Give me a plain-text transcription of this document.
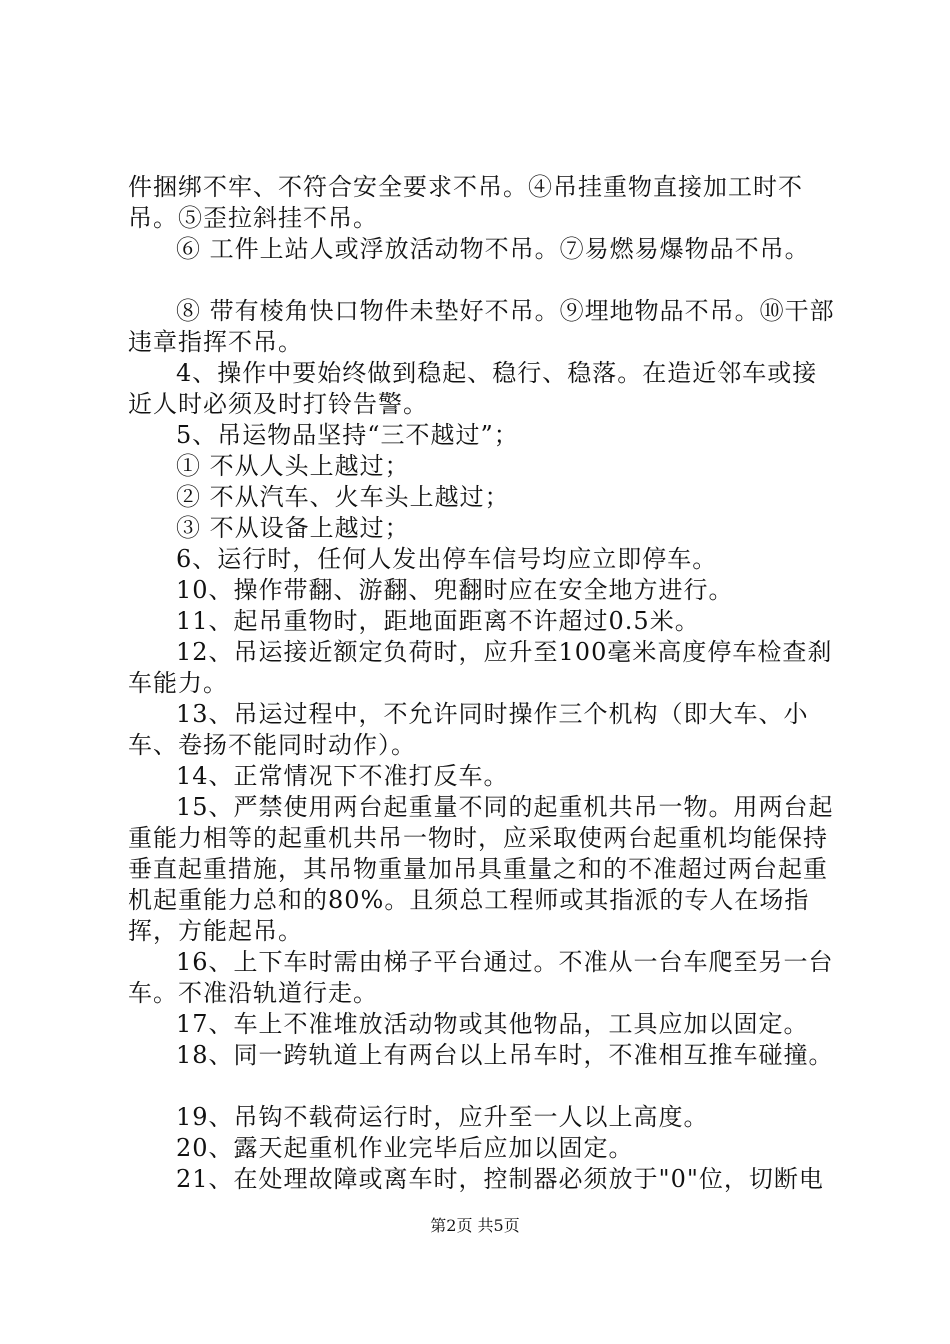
件捆绑不牢、不符合安全要求不吊。④吊挂重物直接加工时不吊。⑤歪拉斜挂不吊。

⑥ 工件上站人或浮放活动物不吊。⑦易燃易爆物品不吊。

⑧ 带有棱角快口物件未垫好不吊。⑨埋地物品不吊。⑩干部违章指挥不吊。

4、操作中要始终做到稳起、稳行、稳落。在造近邻车或接近人时必须及时打铃告警。

5、吊运物品坚持“三不越过”；

① 不从人头上越过；

② 不从汽车、火车头上越过；

③ 不从设备上越过；

6、运行时，任何人发出停车信号均应立即停车。

10、操作带翻、游翻、兜翻时应在安全地方进行。

11、起吊重物时，距地面距离不许超过0.5米。

12、吊运接近额定负荷时，应升至100毫米高度停车检查刹车能力。

13、吊运过程中，不允许同时操作三个机构（即大车、小车、卷扬不能同时动作）。

14、正常情况下不准打反车。

15、严禁使用两台起重量不同的起重机共吊一物。用两台起重能力相等的起重机共吊一物时，应采取使两台起重机均能保持垂直起重措施，其吊物重量加吊具重量之和的不准超过两台起重机起重能力总和的80%。且须总工程师或其指派的专人在场指挥，方能起吊。

16、上下车时需由梯子平台通过。不准从一台车爬至另一台车。不准沿轨道行走。

17、车上不准堆放活动物或其他物品，工具应加以固定。

18、同一跨轨道上有两台以上吊车时，不准相互推车碰撞。

19、吊钩不载荷运行时，应升至一人以上高度。

20、露天起重机作业完毕后应加以固定。

21、在处理故障或离车时，控制器必须放于"0"位，切断电

第2页 共5页
